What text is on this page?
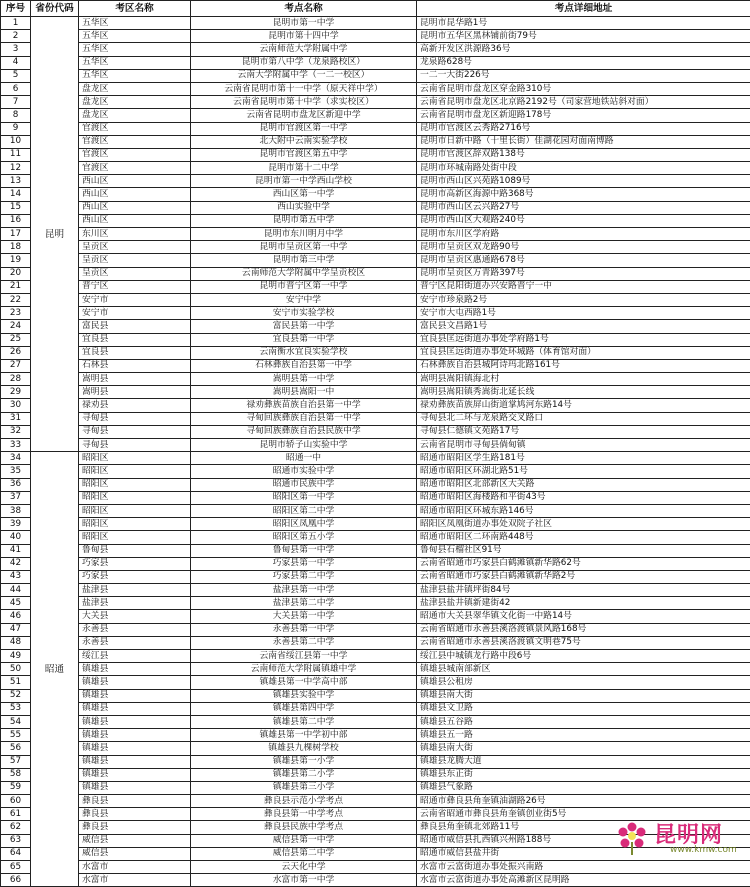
序号	省份代码	考区名称	考点名称	考点详细地址
1	昆明	五华区	昆明市第一中学	昆明市昆华路1号
2		五华区	昆明市第十四中学	昆明市五华区黑林铺前街79号
3		五华区	云南师范大学附属中学	高新开发区洪源路36号
4		五华区	昆明市第八中学（龙泉路校区）	龙泉路628号
5		五华区	云南大学附属中学（一二一校区）	一二一大街226号
6		盘龙区	云南省昆明市第十一中学（原天祥中学）	云南省昆明市盘龙区穿金路310号
7		盘龙区	云南省昆明市第十中学（求实校区）	云南省昆明市盘龙区北京路2192号（司家营地铁站斜对面）
8		盘龙区	云南省昆明市盘龙区新迎中学	云南省昆明市盘龙区新迎路178号
9		官渡区	昆明市官渡区第一中学	昆明市官渡区云秀路2716号
10		官渡区	北大附中云南实验学校	昆明市日新中路（十里长街）佳湖花园对面南博路
11		官渡区	昆明市官渡区第五中学	昆明市官渡区辞双路138号
12		官渡区	昆明市第十二中学	昆明市环城南路处街中段
13		西山区	昆明市第一中学西山学校	昆明市西山区兴苑路1089号
14		西山区	西山区第一中学	昆明市高新区海源中路368号
15		西山区	西山实验中学	昆明市西山区云兴路27号
16		西山区	昆明市第五中学	昆明市西山区大观路240号
17		东川区	昆明市东川明月中学	昆明市东川区学府路
18		呈贡区	昆明市呈贡区第一中学	昆明市呈贡区双龙路90号
19		呈贡区	昆明市第三中学	昆明市呈贡区惠通路678号
20		呈贡区	云南师范大学附属中学呈贡校区	昆明市呈贡区万青路397号
21		晋宁区	昆明市晋宁区第一中学	晋宁区昆阳街道办兴安路晋宁一中
22		安宁市	安宁中学	安宁市珍泉路2号
23		安宁市	安宁市实验学校	安宁市大屯西路1号
24		富民县	富民县第一中学	富民县文昌路1号
25		宜良县	宜良县第一中学	宜良县匡远街道办事处学府路1号
26		宜良县	云南衡水宜良实验学校	宜良县匡远街道办事处环城路（体育馆对面）
27		石林县	石林彝族自治县第一中学	石林彝族自治县城阿诗玛北路161号
28		嵩明县	嵩明县第一中学	嵩明县嵩阳镇海北村
29		嵩明县	嵩明县嵩阳一中	嵩明县嵩阳镇秀嵩街北延长线
30		禄劝县	禄劝彝族苗族自治县第一中学	禄劝彝族苗族屏山街道掌鸠河东路14号
31		寻甸县	寻甸回族彝族自治县第一中学	寻甸县北二环与龙泉路交叉路口
32		寻甸县	寻甸回族彝族自治县民族中学	寻甸县仁德镇文苑路17号
33		寻甸县	昆明市轿子山实验中学	云南省昆明市寻甸县倘甸镇
34	昭通	昭阳区	昭通一中	昭通市昭阳区学生路181号
35		昭阳区	昭通市实验中学	昭通市昭阳区环湖北路51号
36		昭阳区	昭通市民族中学	昭通市昭阳区北部新区大关路
37		昭阳区	昭阳区第一中学	昭通市昭阳区海楼路和平街43号
38		昭阳区	昭阳区第二中学	昭通市昭阳区环城东路146号
39		昭阳区	昭阳区凤凰中学	昭阳区凤凰街道办事处双院子社区
40		昭阳区	昭阳区第五小学	昭通市昭阳区二环南路448号
41		鲁甸县	鲁甸县第一中学	鲁甸县石榴社区91号
42		巧家县	巧家县第一中学	云南省昭通市巧家县白鹤滩镇新华路62号
43		巧家县	巧家县第二中学	云南省昭通市巧家县白鹤滩镇新华路2号
44		盐津县	盐津县第一中学	盐津县盐井镇坪街84号
45		盐津县	盐津县第二中学	盐津县盐井镇新建街42
46		大关县	大关县第一中学	昭通市大关县翠华镇文化街一中路14号
47		永善县	永善县第一中学	云南省昭通市永善县溪洛渡镇景风路168号
48		永善县	永善县第二中学	云南省昭通市永善县溪洛渡镇文明巷75号
49		绥江县	云南省绥江县第一中学	绥江县中城镇龙行路中段6号
50		镇雄县	云南师范大学附属镇雄中学	镇雄县城南部新区
51		镇雄县	镇雄县第一中学高中部	镇雄县公租房
52		镇雄县	镇雄县实验中学	镇雄县南大街
53		镇雄县	镇雄县第四中学	镇雄县文卫路
54		镇雄县	镇雄县第二中学	镇雄县五谷路
55		镇雄县	镇雄县第一中学初中部	镇雄县五一路
56		镇雄县	镇雄县九棵树学校	镇雄县南大街
57		镇雄县	镇雄县第一小学	镇雄县龙腾大道
58		镇雄县	镇雄县第二小学	镇雄县东正街
59		镇雄县	镇雄县第三小学	镇雄县气象路
60		彝良县	彝良县示范小学考点	昭通市彝良县角奎镇油湖路26号
61		彝良县	彝良县第一中学考点	云南省昭通市彝良县角奎镇创业街5号
62		彝良县	彝良县民族中学考点	彝良县角奎镇北郊路11号
63		威信县	威信县第一中学	昭通市威信县扎西镇兴州路188号
64		威信县	威信县第二中学	昭通市威信县盐井街
65		水富市	云天化中学	水富市云富街道办事处振兴南路
66		水富市	水富市第一中学	水富市云富街道办事处高滩新区昆明路
昆明网
www.kmw.com
